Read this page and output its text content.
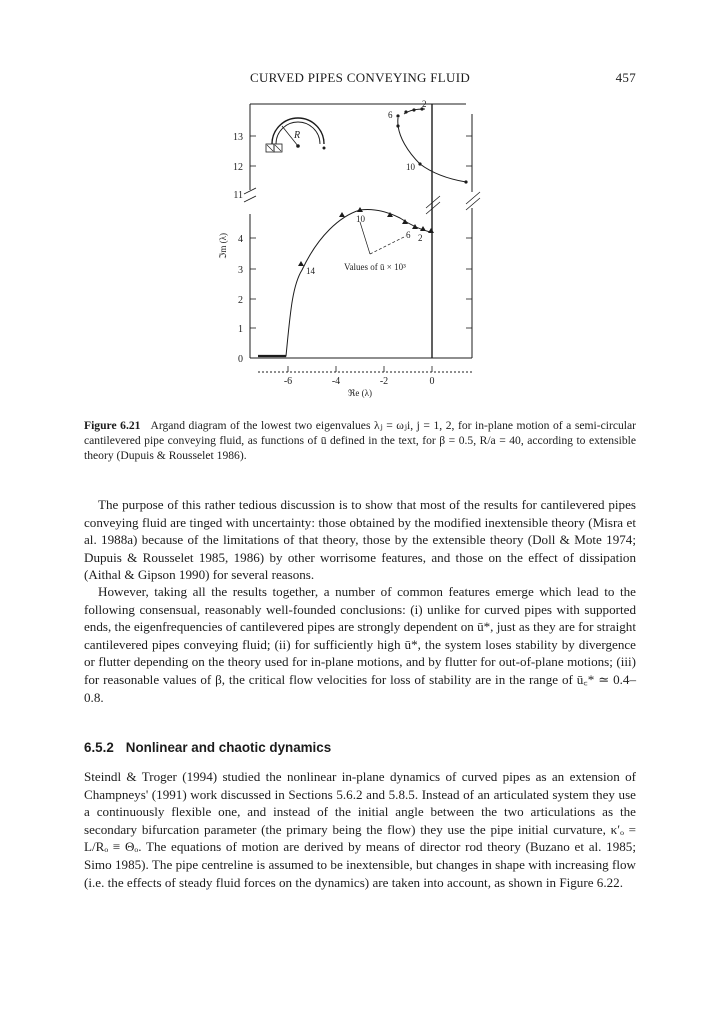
CURVED PIPES CONVEYING FLUID	457
13
12
11
4
3
2
1
0
-6	-4	-2	0
ℑm (λ)
ℜe (λ)
R
6
2
10
10
6 2
14	Values of ū × 10³
Figure 6.21 Argand diagram of the lowest two eigenvalues λⱼ = ωⱼi, j = 1, 2, for in-plane motion of a semi-circular cantilevered pipe conveying fluid, as functions of ū defined in the text, for β = 0.5, R/a = 40, according to extensible theory (Dupuis & Rousselet 1986).

The purpose of this rather tedious discussion is to show that most of the results for cantilevered pipes conveying fluid are tinged with uncertainty: those obtained by the modified inextensible theory (Misra et al. 1988a) because of the limitations of that theory, those by the extensible theory (Doll & Mote 1974; Dupuis & Rousselet 1985, 1986) by other worrisome features, and those on the effect of dissipation (Aithal & Gipson 1990) for several reasons.

However, taking all the results together, a number of common features emerge which lead to the following consensual, reasonably well-founded conclusions: (i) unlike for curved pipes with supported ends, the eigenfrequencies of cantilevered pipes are strongly dependent on ū*, just as they are for straight cantilevered pipes conveying fluid; (ii) for sufficiently high ū*, the system loses stability by divergence or flutter depending on the theory used for in-plane motions, and by flutter for out-of-plane motions; (iii) for reasonable values of β, the critical flow velocities for loss of stability are in the range of ū꜀* ≃ 0.4–0.8.

6.5.2 Nonlinear and chaotic dynamics

Steindl & Troger (1994) studied the nonlinear in-plane dynamics of curved pipes as an extension of Champneys' (1991) work discussed in Sections 5.6.2 and 5.8.5. Instead of an articulated system they use a continuously flexible one, and instead of the initial angle between the two articulations as the secondary bifurcation parameter (the primary being the flow) they use the pipe initial curvature, κ′ₒ = L/Rₒ ≡ Θₒ. The equations of motion are derived by means of director rod theory (Buzano et al. 1985; Simo 1985). The pipe centreline is assumed to be inextensible, but changes in shape with increasing flow (i.e. the effects of steady fluid forces on the dynamics) are taken into account, as shown in Figure 6.22.
